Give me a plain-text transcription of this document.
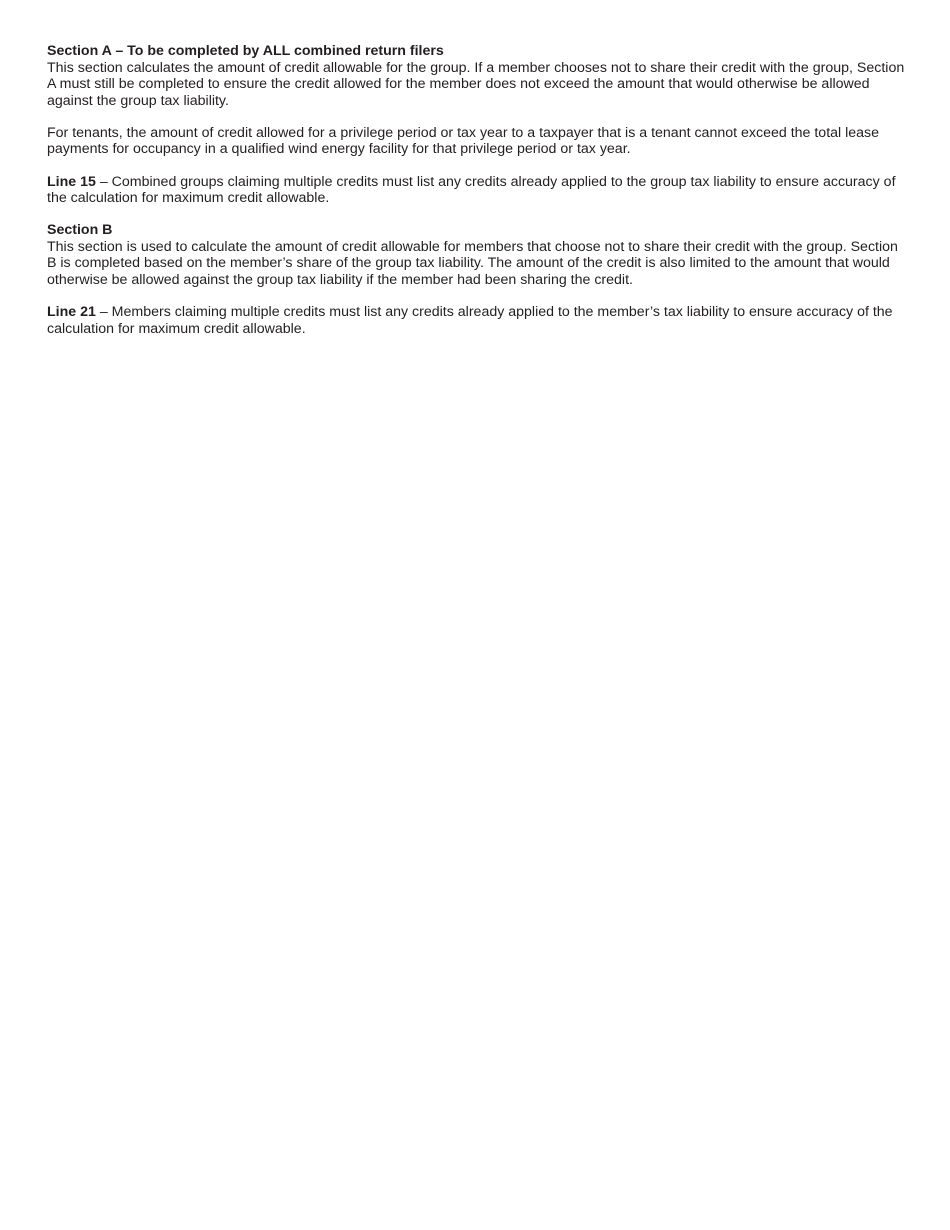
Section A – To be completed by ALL combined return filers
This section calculates the amount of credit allowable for the group. If a member chooses not to share their credit with the group, Section A must still be completed to ensure the credit allowed for the member does not exceed the amount that would otherwise be allowed against the group tax liability.
For tenants, the amount of credit allowed for a privilege period or tax year to a taxpayer that is a tenant cannot exceed the total lease payments for occupancy in a qualified wind energy facility for that privilege period or tax year.
Line 15 – Combined groups claiming multiple credits must list any credits already applied to the group tax liability to ensure accuracy of the calculation for maximum credit allowable.
Section B
This section is used to calculate the amount of credit allowable for members that choose not to share their credit with the group. Section B is completed based on the member’s share of the group tax liability. The amount of the credit is also limited to the amount that would otherwise be allowed against the group tax liability if the member had been sharing the credit.
Line 21 – Members claiming multiple credits must list any credits already applied to the member’s tax liability to ensure accuracy of the calculation for maximum credit allowable.
